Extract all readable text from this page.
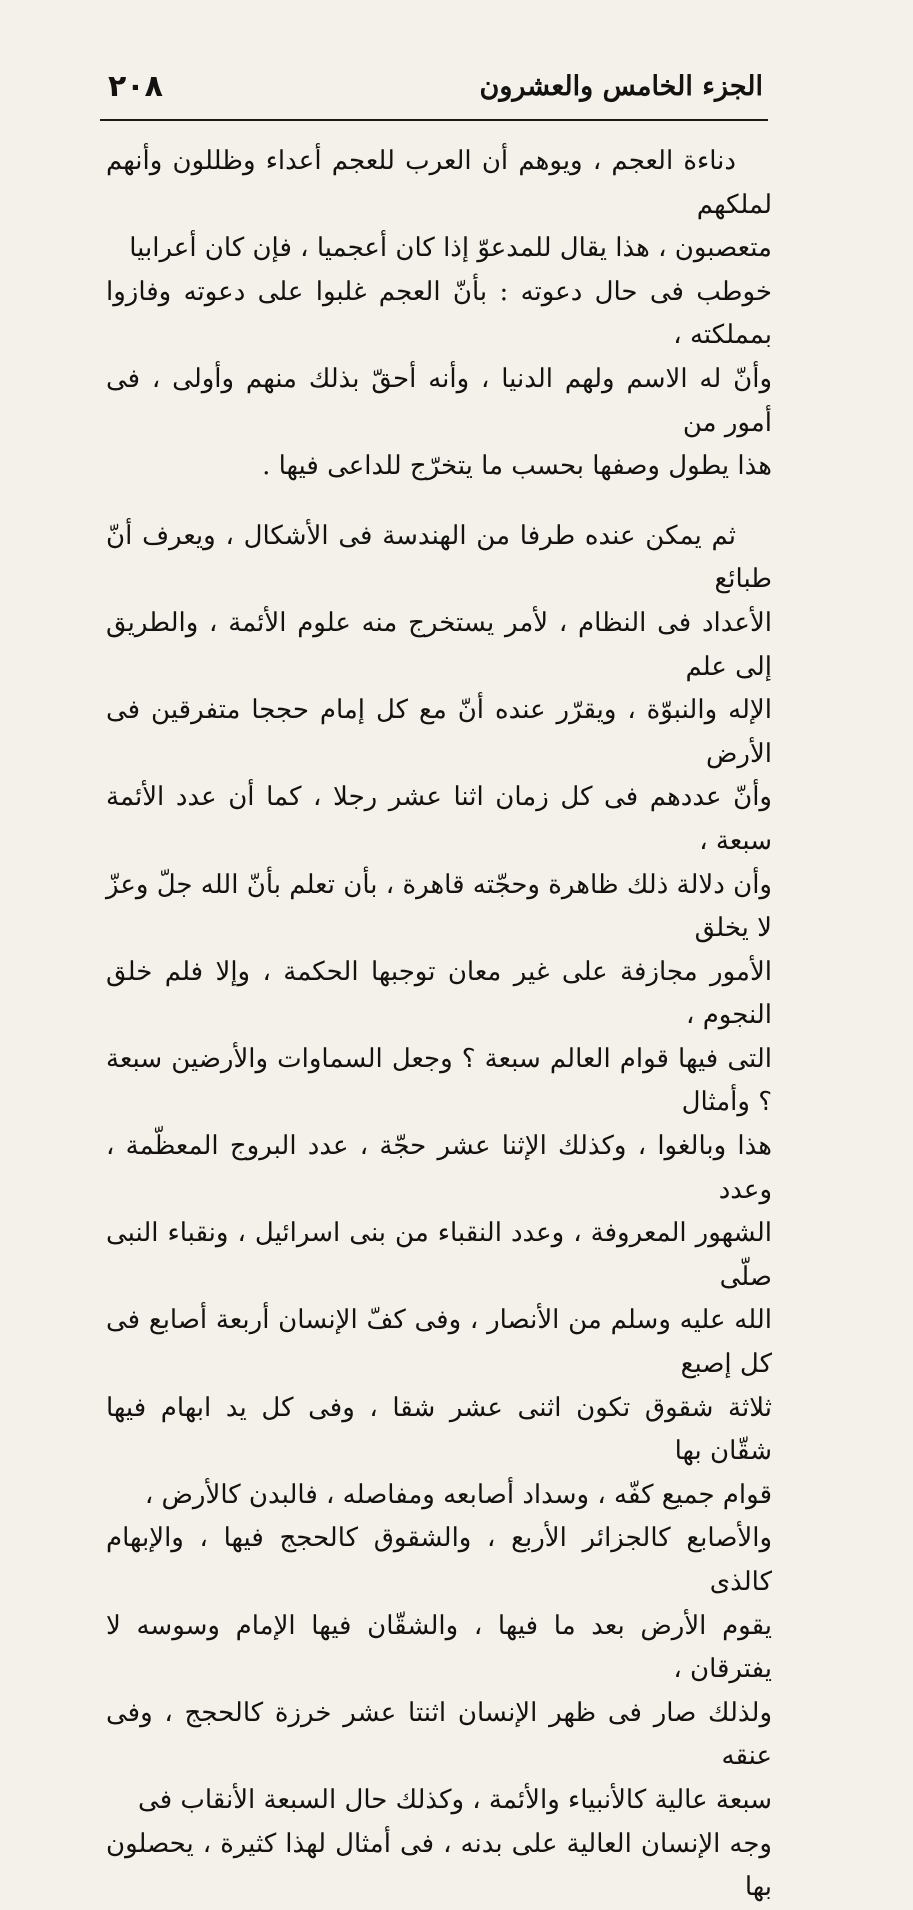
الجزء الخامس والعشرون
٢٠٨

دناءة العجم ، ويوهم أن العرب للعجم أعداء وظللون وأنهم لملكهم

متعصبون ، هذا يقال للمدعوّ إذا كان أعجميا ، فإن كان أعرابيا

خوطب فى حال دعوته : بأنّ العجم غلبوا على دعوته وفازوا بمملكته ،

وأنّ له الاسم ولهم الدنيا ، وأنه أحقّ بذلك منهم وأولى ، فى أمور من

هذا يطول وصفها بحسب ما يتخرّج للداعى فيها .

ثم يمكن عنده طرفا من الهندسة فى الأشكال ، ويعرف أنّ طبائع

الأعداد فى النظام ، لأمر يستخرج منه علوم الأئمة ، والطريق إلى علم

الإله والنبوّة ، ويقرّر عنده أنّ مع كل إمام حججا متفرقين فى الأرض

وأنّ عددهم فى كل زمان اثنا عشر رجلا ، كما أن عدد الأئمة سبعة ،

وأن دلالة ذلك ظاهرة وحجّته قاهرة ، بأن تعلم بأنّ الله جلّ وعزّ لا يخلق

الأمور مجازفة على غير معان توجبها الحكمة ، وإلا فلم خلق النجوم ،

التى فيها قوام العالم سبعة ؟ وجعل السماوات والأرضين سبعة ؟ وأمثال

هذا وبالغوا ، وكذلك الإثنا عشر حجّة ، عدد البروج المعظّمة ، وعدد

الشهور المعروفة ، وعدد النقباء من بنى اسرائيل ، ونقباء النبى صلّى

الله عليه وسلم من الأنصار ، وفى كفّ الإنسان أربعة أصابع فى كل إصبع

ثلاثة شقوق تكون اثنى عشر شقا ، وفى كل يد ابهام فيها شقّان بها

قوام جميع كفّه ، وسداد أصابعه ومفاصله ، فالبدن كالأرض ،

والأصابع كالجزائر الأربع ، والشقوق كالحجج فيها ، والإبهام كالذى

يقوم الأرض بعد ما فيها ، والشقّان فيها الإمام وسوسه لا يفترقان ،

ولذلك صار فى ظهر الإنسان اثنتا عشر خرزة كالحجج ، وفى عنقه

سبعة عالية كالأنبياء والأئمة ، وكذلك حال السبعة الأنقاب فى

وجه الإنسان العالية على بدنه ، فى أمثال لهذا كثيرة ، يحصلون بها
